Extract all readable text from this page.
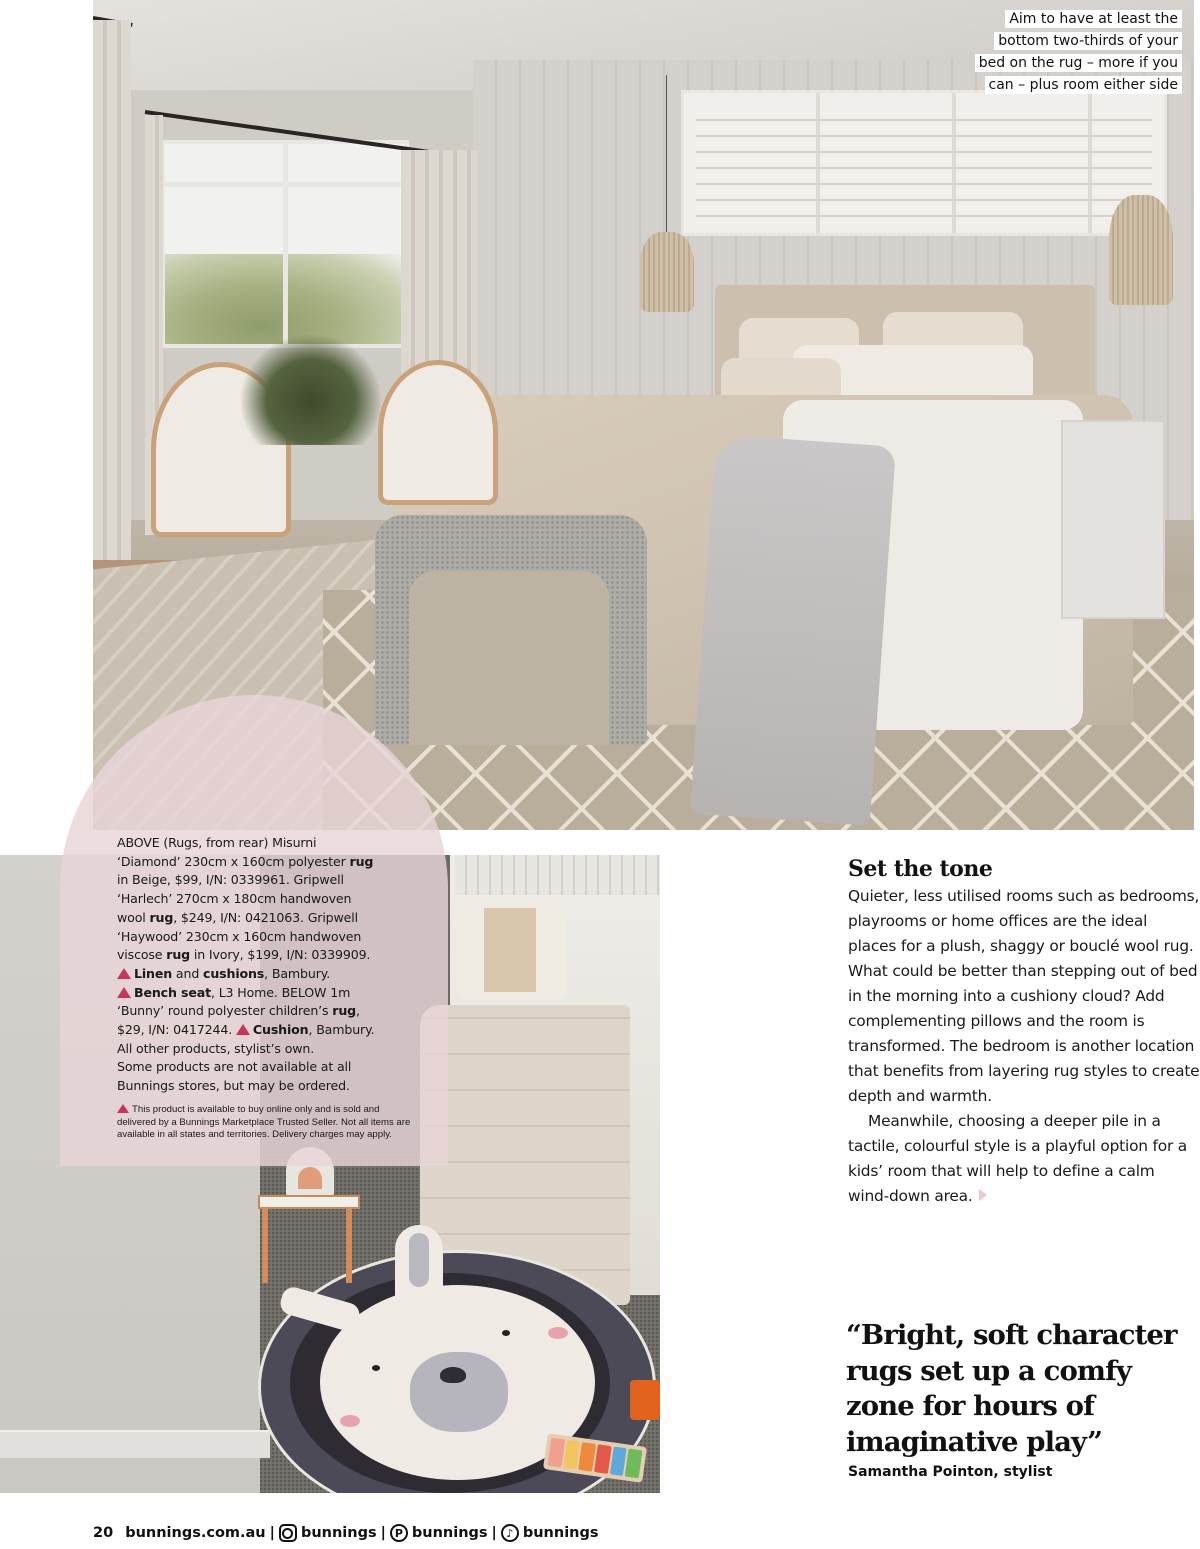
Aim to have at least the
bottom two-thirds of your
bed on the rug – more if you
can – plus room either side
ABOVE (Rugs, from rear) Misurni
‘Diamond’ 230cm x 160cm polyester rug
in Beige, $99, I/N: 0339961. Gripwell
‘Harlech’ 270cm x 180cm handwoven
wool rug, $249, I/N: 0421063. Gripwell
‘Haywood’ 230cm x 160cm handwoven
viscose rug in Ivory, $199, I/N: 0339909.
Linen and cushions, Bambury.
Bench seat, L3 Home. BELOW 1m
‘Bunny’ round polyester children’s rug,
$29, I/N: 0417244. Cushion, Bambury.
All other products, stylist’s own.
Some products are not available at all
Bunnings stores, but may be ordered.
This product is available to buy online only and is sold and delivered by a Bunnings Marketplace Trusted Seller. Not all items are available in all states and territories. Delivery charges may apply.
Set the tone

Quieter, less utilised rooms such as bedrooms, playrooms or home offices are the ideal places for a plush, shaggy or bouclé wool rug. What could be better than stepping out of bed in the morning into a cushiony cloud? Add complementing pillows and the room is transformed. The bedroom is another location that benefits from layering rug styles to create depth and warmth.

Meanwhile, choosing a deeper pile in a tactile, colourful style is a playful option for a kids’ room that will help to define a calm wind-down area.

“Bright, soft character rugs set up a comfy zone for hours of imaginative play”
Samantha Pointon, stylist
20 bunnings.com.au | bunnings | P bunnings | ♪ bunnings
